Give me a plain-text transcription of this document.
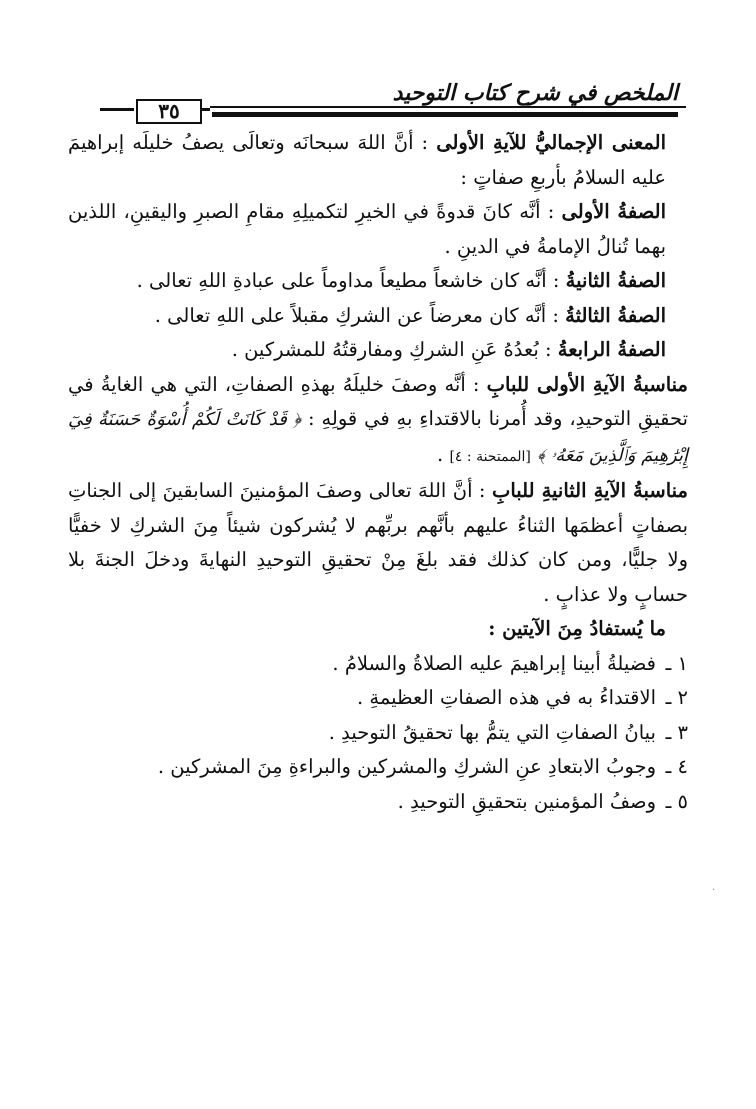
الملخص في شرح كتاب التوحيد
٣٥

المعنى الإجماليُّ للآيةِ الأولى : أنَّ اللهَ سبحانَه وتعالَى يصفُ خليلَه إبراهيمَ عليه السلامُ بأربعِ صفاتٍ :

الصفةُ الأولى : أنَّه كانَ قدوةً في الخيرِ لتكميلِهِ مقامِ الصبرِ واليقينِ، اللذين بهما تُنالُ الإمامةُ في الدينِ .

الصفةُ الثانيةُ : أنَّه كان خاشعاً مطيعاً مداوماً على عبادةِ اللهِ تعالى .

الصفةُ الثالثةُ : أنَّه كان معرضاً عن الشركِ مقبلاً على اللهِ تعالى .

الصفةُ الرابعةُ : بُعدُهُ عَنِ الشركِ ومفارقتُهُ للمشركين .

مناسبةُ الآيةِ الأولى للبابِ : أنَّه وصفَ خليلَهُ بهذهِ الصفاتِ، التي هي الغايةُ في تحقيقِ التوحيدِ، وقد أُمرنا بالاقتداءِ بهِ في قولِهِ : ﴿ قَدْ كَانَتْ لَكُمْ أُسْوَةٌ حَسَنَةٌ فِيٓ إِبْرَٰهِيمَ وَٱلَّذِينَ مَعَهُۥ ﴾ [الممتحنة : ٤] .

مناسبةُ الآيةِ الثانيةِ للبابِ : أنَّ اللهَ تعالى وصفَ المؤمنينَ السابقينَ إلى الجناتِ بصفاتٍ أعظمَها الثناءُ عليهم بأنَّهم بربِّهم لا يُشركون شيئاً مِنَ الشركِ لا خفيًّا ولا جليًّا، ومن كان كذلك فقد بلغَ مِنْ تحقيقِ التوحيدِ النهايةَ ودخلَ الجنةَ بلا حسابٍ ولا عذابٍ .

ما يُستفادُ مِنَ الآيتين :

١ ـفضيلةُ أبينا إبراهيمَ عليه الصلاةُ والسلامُ .

٢ ـالاقتداءُ به في هذه الصفاتِ العظيمةِ .

٣ ـبيانُ الصفاتِ التي يتمُّ بها تحقيقُ التوحيدِ .

٤ ـوجوبُ الابتعادِ عنِ الشركِ والمشركين والبراءةِ مِنَ المشركين .

٥ ـوصفُ المؤمنين بتحقيقِ التوحيدِ .

·
